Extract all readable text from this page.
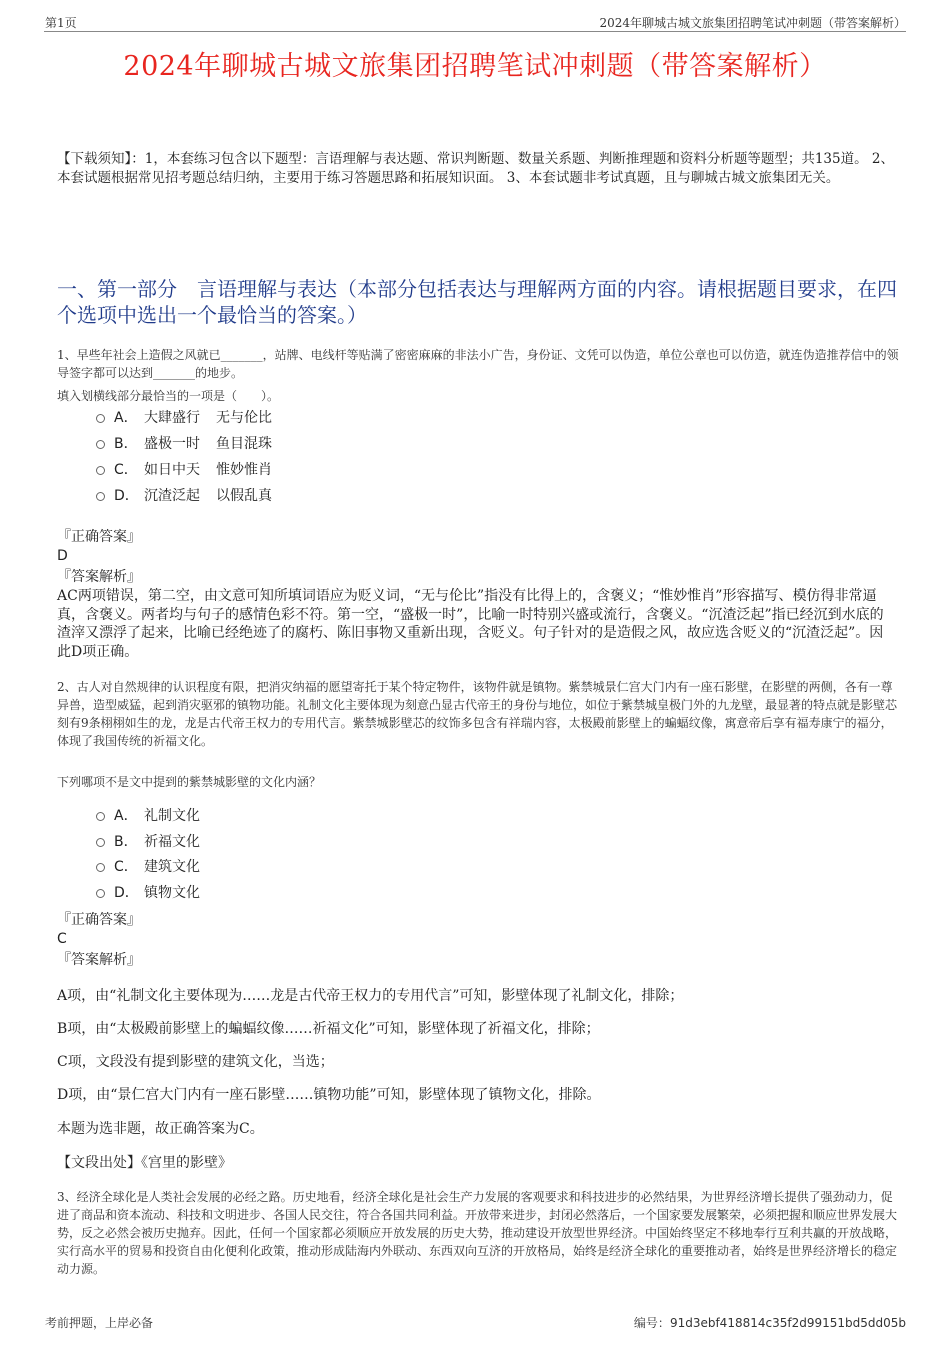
第1页	2024年聊城古城文旅集团招聘笔试冲刺题（带答案解析）
2024年聊城古城文旅集团招聘笔试冲刺题（带答案解析）
【下载须知】：1，本套练习包含以下题型：言语理解与表达题、常识判断题、数量关系题、判断推理题和资料分析题等题型；共135道。 2、本套试题根据常见招考题总结归纳，主要用于练习答题思路和拓展知识面。 3、本套试题非考试真题，且与聊城古城文旅集团无关。
一、第一部分　言语理解与表达（本部分包括表达与理解两方面的内容。请根据题目要求，在四个选项中选出一个最恰当的答案。）
1、早些年社会上造假之风就已_______，站牌、电线杆等贴满了密密麻麻的非法小广告，身份证、文凭可以伪造，单位公章也可以仿造，就连伪造推荐信中的领导签字都可以达到_______的地步。
填入划横线部分最恰当的一项是（　　）。
A． 大肆盛行 无与伦比
B． 盛极一时 鱼目混珠
C． 如日中天 惟妙惟肖
D． 沉渣泛起 以假乱真
『正确答案』
D
『答案解析』
AC两项错误，第二空，由文意可知所填词语应为贬义词，“无与伦比”指没有比得上的，含褒义；“惟妙惟肖”形容描写、模仿得非常逼真，含褒义。两者均与句子的感情色彩不符。第一空，“盛极一时”，比喻一时特别兴盛或流行，含褒义。“沉渣泛起”指已经沉到水底的渣滓又漂浮了起来，比喻已经绝迹了的腐朽、陈旧事物又重新出现，含贬义。句子针对的是造假之风，故应选含贬义的“沉渣泛起”。因此D项正确。
2、古人对自然规律的认识程度有限，把消灾纳福的愿望寄托于某个特定物件，该物件就是镇物。紫禁城景仁宫大门内有一座石影壁，在影壁的两侧，各有一尊异兽，造型威猛，起到消灾驱邪的镇物功能。礼制文化主要体现为刻意凸显古代帝王的身份与地位，如位于紫禁城皇极门外的九龙壁，最显著的特点就是影壁芯刻有9条栩栩如生的龙，龙是古代帝王权力的专用代言。紫禁城影壁芯的纹饰多包含有祥瑞内容，太极殿前影壁上的蝙蝠纹像，寓意帝后享有福寿康宁的福分，体现了我国传统的祈福文化。
下列哪项不是文中提到的紫禁城影壁的文化内涵？
A． 礼制文化
B． 祈福文化
C． 建筑文化
D． 镇物文化
『正确答案』
C
『答案解析』
A项，由“礼制文化主要体现为……龙是古代帝王权力的专用代言”可知，影壁体现了礼制文化，排除；
B项，由“太极殿前影壁上的蝙蝠纹像……祈福文化”可知，影壁体现了祈福文化，排除；
C项，文段没有提到影壁的建筑文化，当选；
D项，由“景仁宫大门内有一座石影壁……镇物功能”可知，影壁体现了镇物文化，排除。
本题为选非题，故正确答案为C。
【文段出处】《宫里的影壁》
3、经济全球化是人类社会发展的必经之路。历史地看，经济全球化是社会生产力发展的客观要求和科技进步的必然结果，为世界经济增长提供了强劲动力，促进了商品和资本流动、科技和文明进步、各国人民交往，符合各国共同利益。开放带来进步，封闭必然落后，一个国家要发展繁荣，必须把握和顺应世界发展大势，反之必然会被历史抛弃。因此，任何一个国家都必须顺应开放发展的历史大势，推动建设开放型世界经济。中国始终坚定不移地奉行互利共赢的开放战略，实行高水平的贸易和投资自由化便利化政策，推动形成陆海内外联动、东西双向互济的开放格局，始终是经济全球化的重要推动者，始终是世界经济增长的稳定动力源。
考前押题，上岸必备	编号：91d3ebf418814c35f2d99151bd5dd05b
